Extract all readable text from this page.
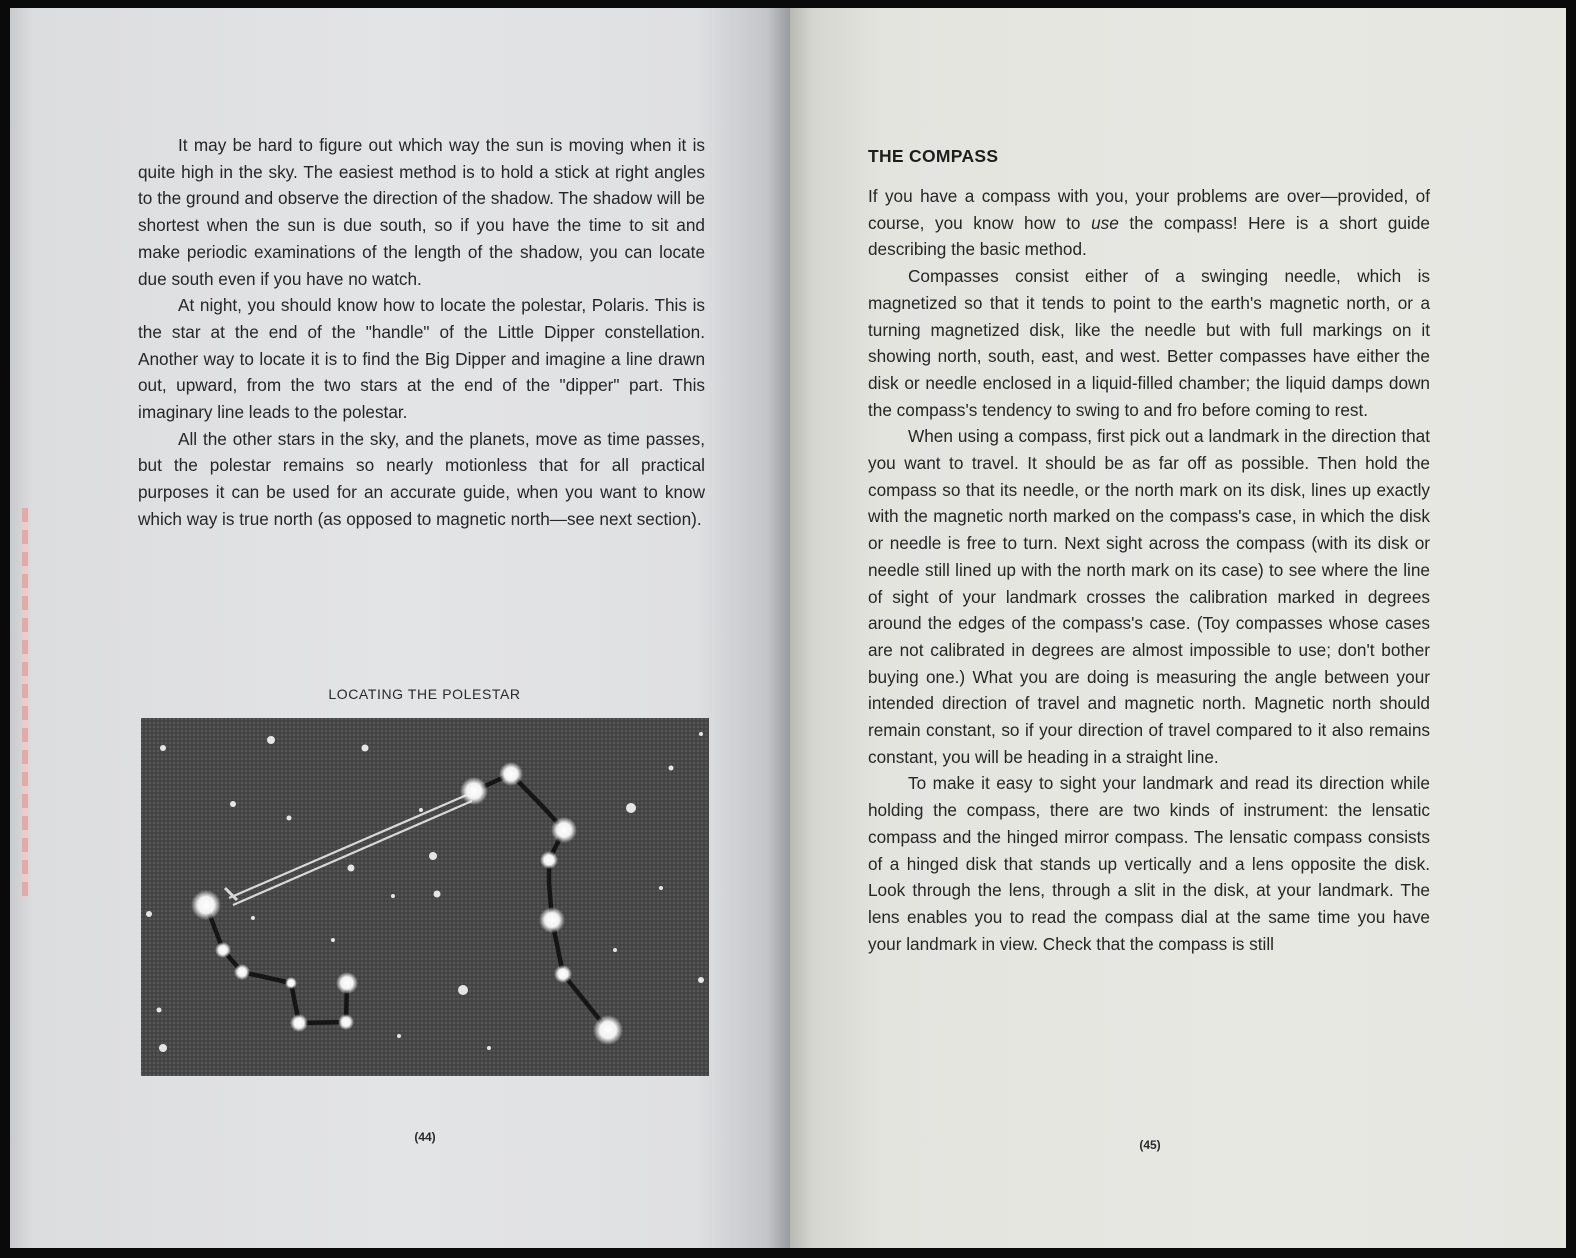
It may be hard to figure out which way the sun is moving when it is quite high in the sky. The easiest method is to hold a stick at right angles to the ground and observe the direction of the shadow. The shadow will be shortest when the sun is due south, so if you have the time to sit and make periodic examinations of the length of the shadow, you can locate due south even if you have no watch.

At night, you should know how to locate the polestar, Polaris. This is the star at the end of the "handle" of the Little Dipper constellation. Another way to locate it is to find the Big Dipper and imagine a line drawn out, upward, from the two stars at the end of the "dipper" part. This imaginary line leads to the polestar.

All the other stars in the sky, and the planets, move as time passes, but the polestar remains so nearly motionless that for all practical purposes it can be used for an accurate guide, when you want to know which way is true north (as opposed to magnetic north—see next section).

LOCATING THE POLESTAR

(44)

THE COMPASS

If you have a compass with you, your problems are over—provided, of course, you know how to use the compass! Here is a short guide describing the basic method.

Compasses consist either of a swinging needle, which is magnetized so that it tends to point to the earth's magnetic north, or a turning magnetized disk, like the needle but with full markings on it showing north, south, east, and west. Better compasses have either the disk or needle enclosed in a liquid-filled chamber; the liquid damps down the compass's tendency to swing to and fro before coming to rest.

When using a compass, first pick out a landmark in the direction that you want to travel. It should be as far off as possible. Then hold the compass so that its needle, or the north mark on its disk, lines up exactly with the magnetic north marked on the compass's case, in which the disk or needle is free to turn. Next sight across the compass (with its disk or needle still lined up with the north mark on its case) to see where the line of sight of your landmark crosses the calibration marked in degrees around the edges of the compass's case. (Toy compasses whose cases are not calibrated in degrees are almost impossible to use; don't bother buying one.) What you are doing is measuring the angle between your intended direction of travel and magnetic north. Magnetic north should remain constant, so if your direction of travel compared to it also remains constant, you will be heading in a straight line.

To make it easy to sight your landmark and read its direction while holding the compass, there are two kinds of instrument: the lensatic compass and the hinged mirror compass. The lensatic compass consists of a hinged disk that stands up vertically and a lens opposite the disk. Look through the lens, through a slit in the disk, at your landmark. The lens enables you to read the compass dial at the same time you have your landmark in view. Check that the compass is still

(45)
